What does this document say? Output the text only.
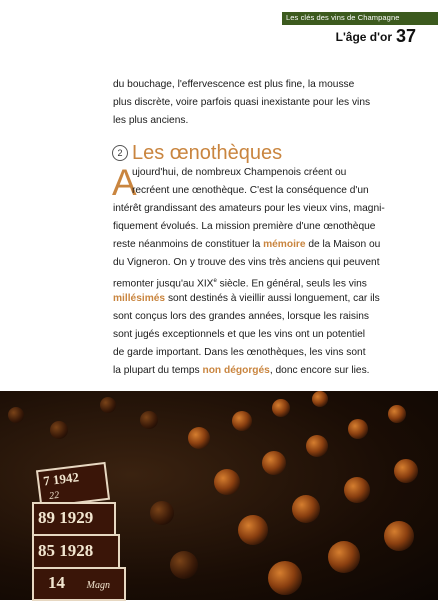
Les clés des vins de Champagne
L'âge d'or 37
du bouchage, l'effervescence est plus fine, la mousse
plus discrète, voire parfois quasi inexistante pour les vins
les plus anciens.
2 Les œnothèques
A
ujourd'hui, de nombreux Champenois créent ou
recréent une œnothèque. C'est la conséquence d'un
intérêt grandissant des amateurs pour les vieux vins, magni-
fiquement évolués. La mission première d'une œnothèque
reste néanmoins de constituer la mémoire de la Maison ou
du Vigneron. On y trouve des vins très anciens qui peuvent
remonter jusqu'au XIXe siècle. En général, seuls les vins
millésimés sont destinés à vieillir aussi longuement, car ils
sont conçus lors des grandes années, lorsque les raisins
sont jugés exceptionnels et que les vins ont un potentiel
de garde important. Dans les œnothèques, les vins sont
la plupart du temps non dégorgés, donc encore sur lies.
7 1942
22
89 1929
85 1928
14 Magn
